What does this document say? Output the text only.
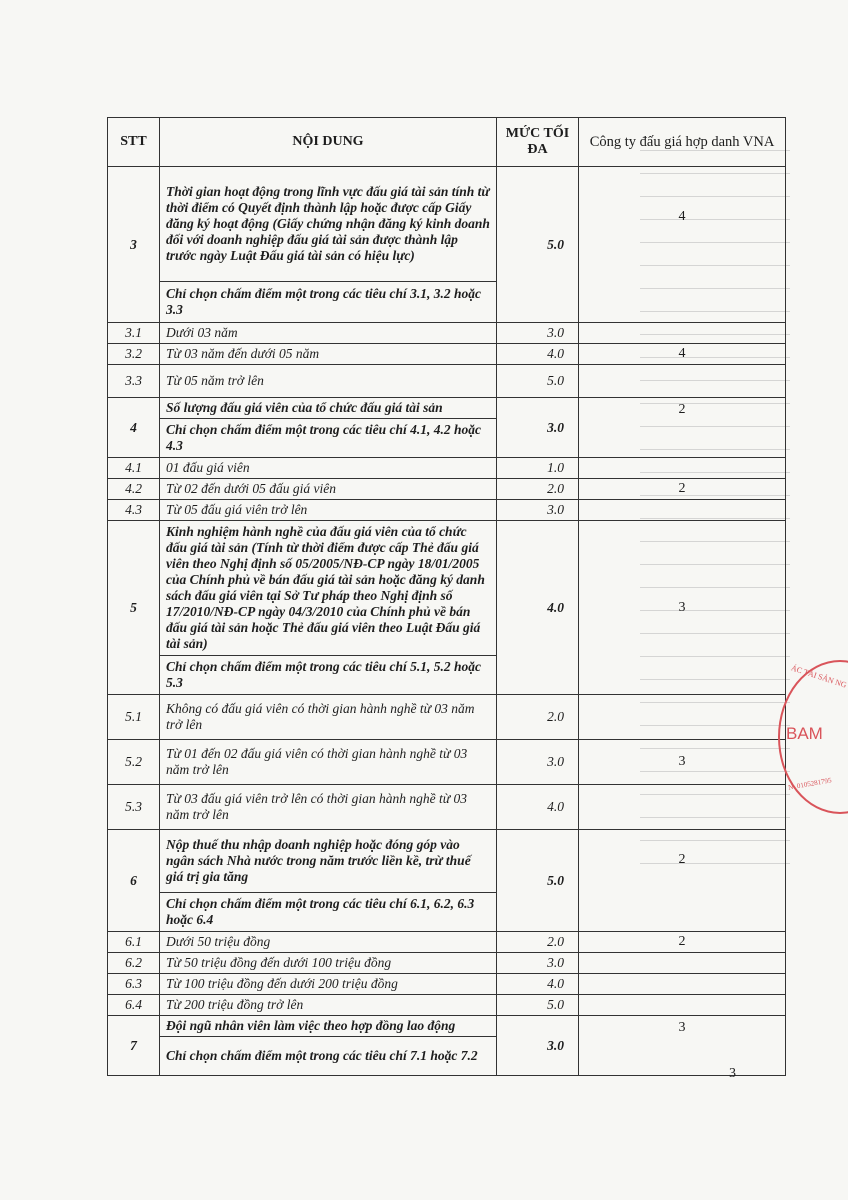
STT	NỘI DUNG	MỨC TỐI ĐA	Công ty đấu giá hợp danh VNA
3	Thời gian hoạt động trong lĩnh vực đấu giá tài sản tính từ thời điểm có Quyết định thành lập hoặc được cấp Giấy đăng ký hoạt động (Giấy chứng nhận đăng ký kinh doanh đối với doanh nghiệp đấu giá tài sản được thành lập trước ngày Luật Đấu giá tài sản có hiệu lực)	5.0	4
	Chỉ chọn chấm điểm một trong các tiêu chí 3.1, 3.2 hoặc 3.3		
3.1	Dưới 03 năm	3.0	
3.2	Từ 03 năm đến dưới 05 năm	4.0	4
3.3	Từ 05 năm trở lên	5.0	
4	Số lượng đấu giá viên của tổ chức đấu giá tài sản	3.0	2
	Chỉ chọn chấm điểm một trong các tiêu chí 4.1, 4.2 hoặc 4.3		
4.1	01 đấu giá viên	1.0	
4.2	Từ 02 đến dưới 05 đấu giá viên	2.0	2
4.3	Từ 05 đấu giá viên trở lên	3.0	
5	Kinh nghiệm hành nghề của đấu giá viên của tổ chức đấu giá tài sản (Tính từ thời điểm được cấp Thẻ đấu giá viên theo Nghị định số 05/2005/NĐ-CP ngày 18/01/2005 của Chính phủ về bán đấu giá tài sản hoặc đăng ký danh sách đấu giá viên tại Sở Tư pháp theo Nghị định số 17/2010/NĐ-CP ngày 04/3/2010 của Chính phủ về bán đấu giá tài sản hoặc Thẻ đấu giá viên theo Luật Đấu giá tài sản)	4.0	3
	Chỉ chọn chấm điểm một trong các tiêu chí 5.1, 5.2 hoặc 5.3		
5.1	Không có đấu giá viên có thời gian hành nghề từ 03 năm trở lên	2.0	
5.2	Từ 01 đến 02 đấu giá viên có thời gian hành nghề từ 03 năm trở lên	3.0	3
5.3	Từ 03 đấu giá viên trở lên có thời gian hành nghề từ 03 năm trở lên	4.0	
6	Nộp thuế thu nhập doanh nghiệp hoặc đóng góp vào ngân sách Nhà nước trong năm trước liền kề, trừ thuế giá trị gia tăng	5.0	2
	Chỉ chọn chấm điểm một trong các tiêu chí 6.1, 6.2, 6.3 hoặc 6.4		
6.1	Dưới 50 triệu đồng	2.0	2
6.2	Từ 50 triệu đồng đến dưới 100 triệu đồng	3.0	
6.3	Từ 100 triệu đồng đến dưới 200 triệu đồng	4.0	
6.4	Từ 200 triệu đồng trở lên	5.0	
7	Đội ngũ nhân viên làm việc theo hợp đồng lao động	3.0	3
	Chỉ chọn chấm điểm một trong các tiêu chí 7.1 hoặc 7.2		
3
ÁC TÀI SẢN NG
BAM
N: 0105281795
